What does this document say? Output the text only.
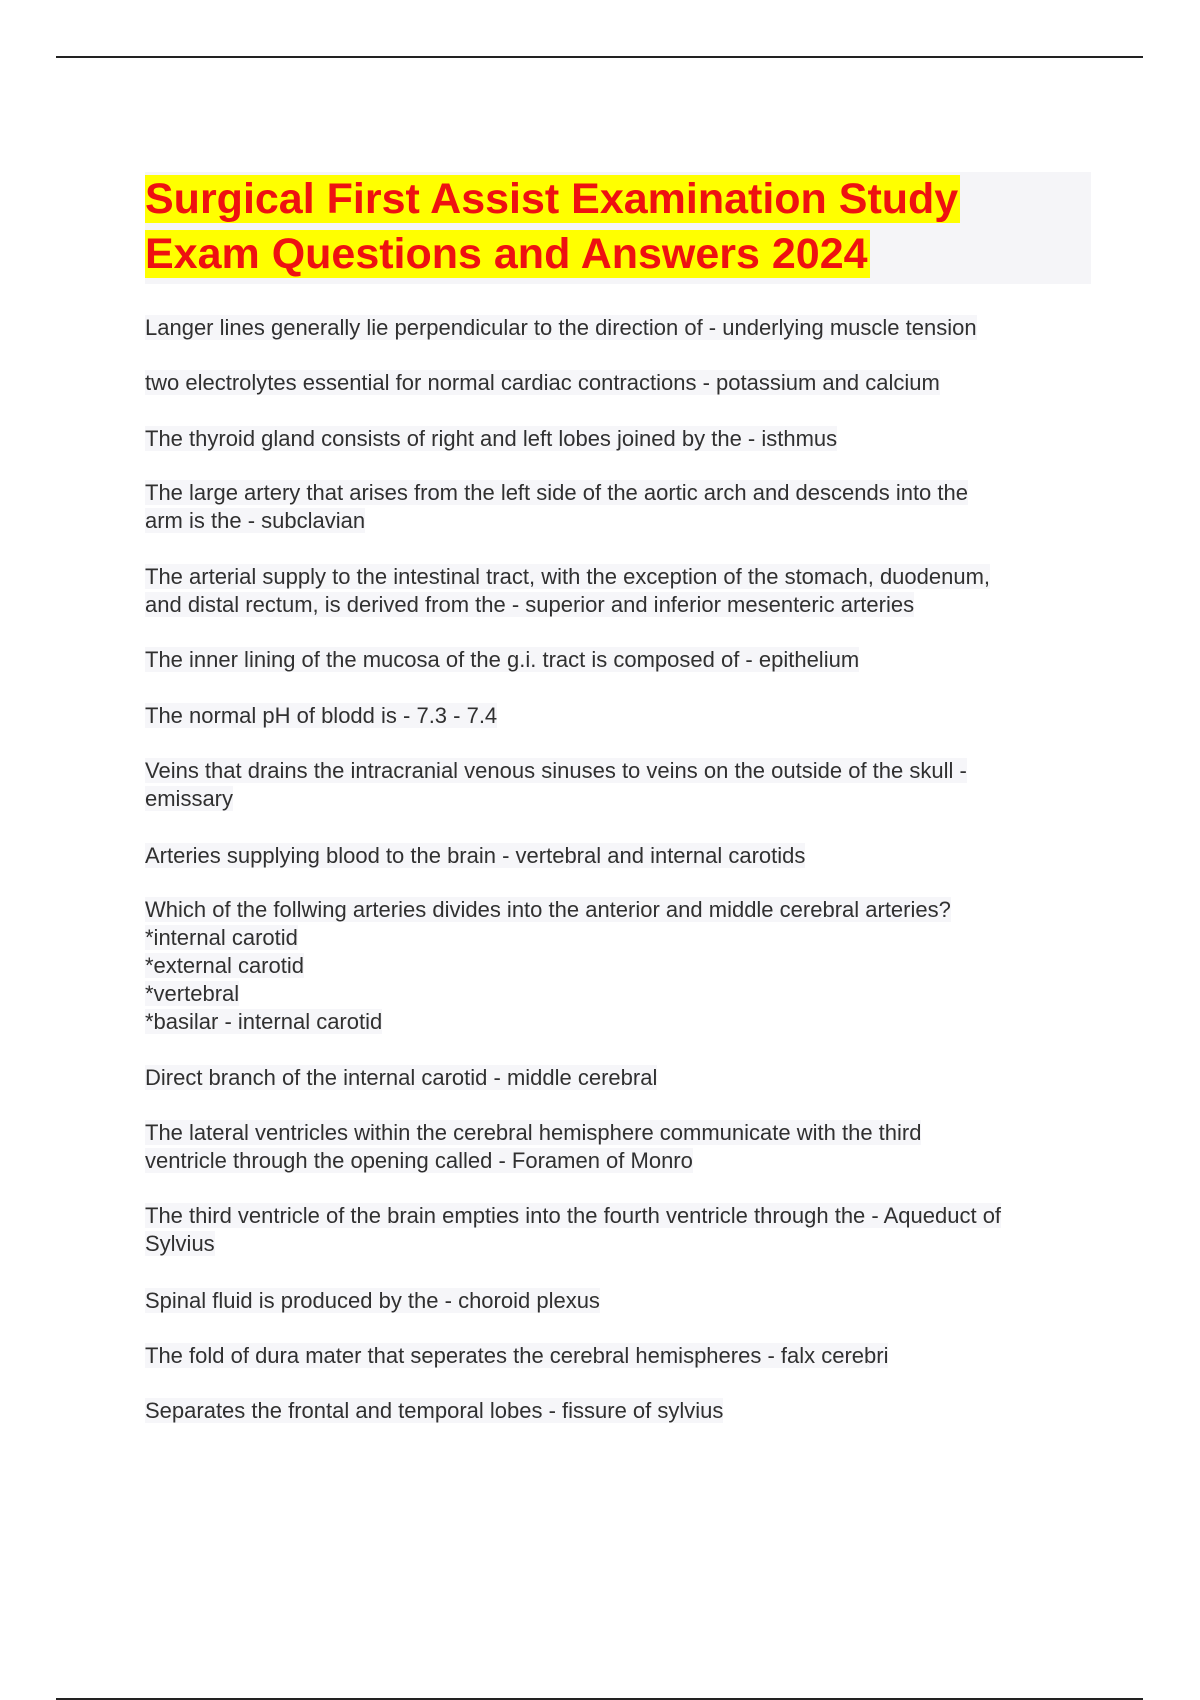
Surgical First Assist Examination Study
Exam Questions and Answers 2024
Langer lines generally lie perpendicular to the direction of - underlying muscle tension
two electrolytes essential for normal cardiac contractions - potassium and calcium
The thyroid gland consists of right and left lobes joined by the - isthmus
The large artery that arises from the left side of the aortic arch and descends into the
arm is the - subclavian
The arterial supply to the intestinal tract, with the exception of the stomach, duodenum,
and distal rectum, is derived from the - superior and inferior mesenteric arteries
The inner lining of the mucosa of the g.i. tract is composed of - epithelium
The normal pH of blodd is - 7.3 - 7.4
Veins that drains the intracranial venous sinuses to veins on the outside of the skull -
emissary
Arteries supplying blood to the brain - vertebral and internal carotids
Which of the follwing arteries divides into the anterior and middle cerebral arteries?
*internal carotid
*external carotid
*vertebral
*basilar - internal carotid
Direct branch of the internal carotid - middle cerebral
The lateral ventricles within the cerebral hemisphere communicate with the third
ventricle through the opening called - Foramen of Monro
The third ventricle of the brain empties into the fourth ventricle through the - Aqueduct of
Sylvius
Spinal fluid is produced by the - choroid plexus
The fold of dura mater that seperates the cerebral hemispheres - falx cerebri
Separates the frontal and temporal lobes - fissure of sylvius
